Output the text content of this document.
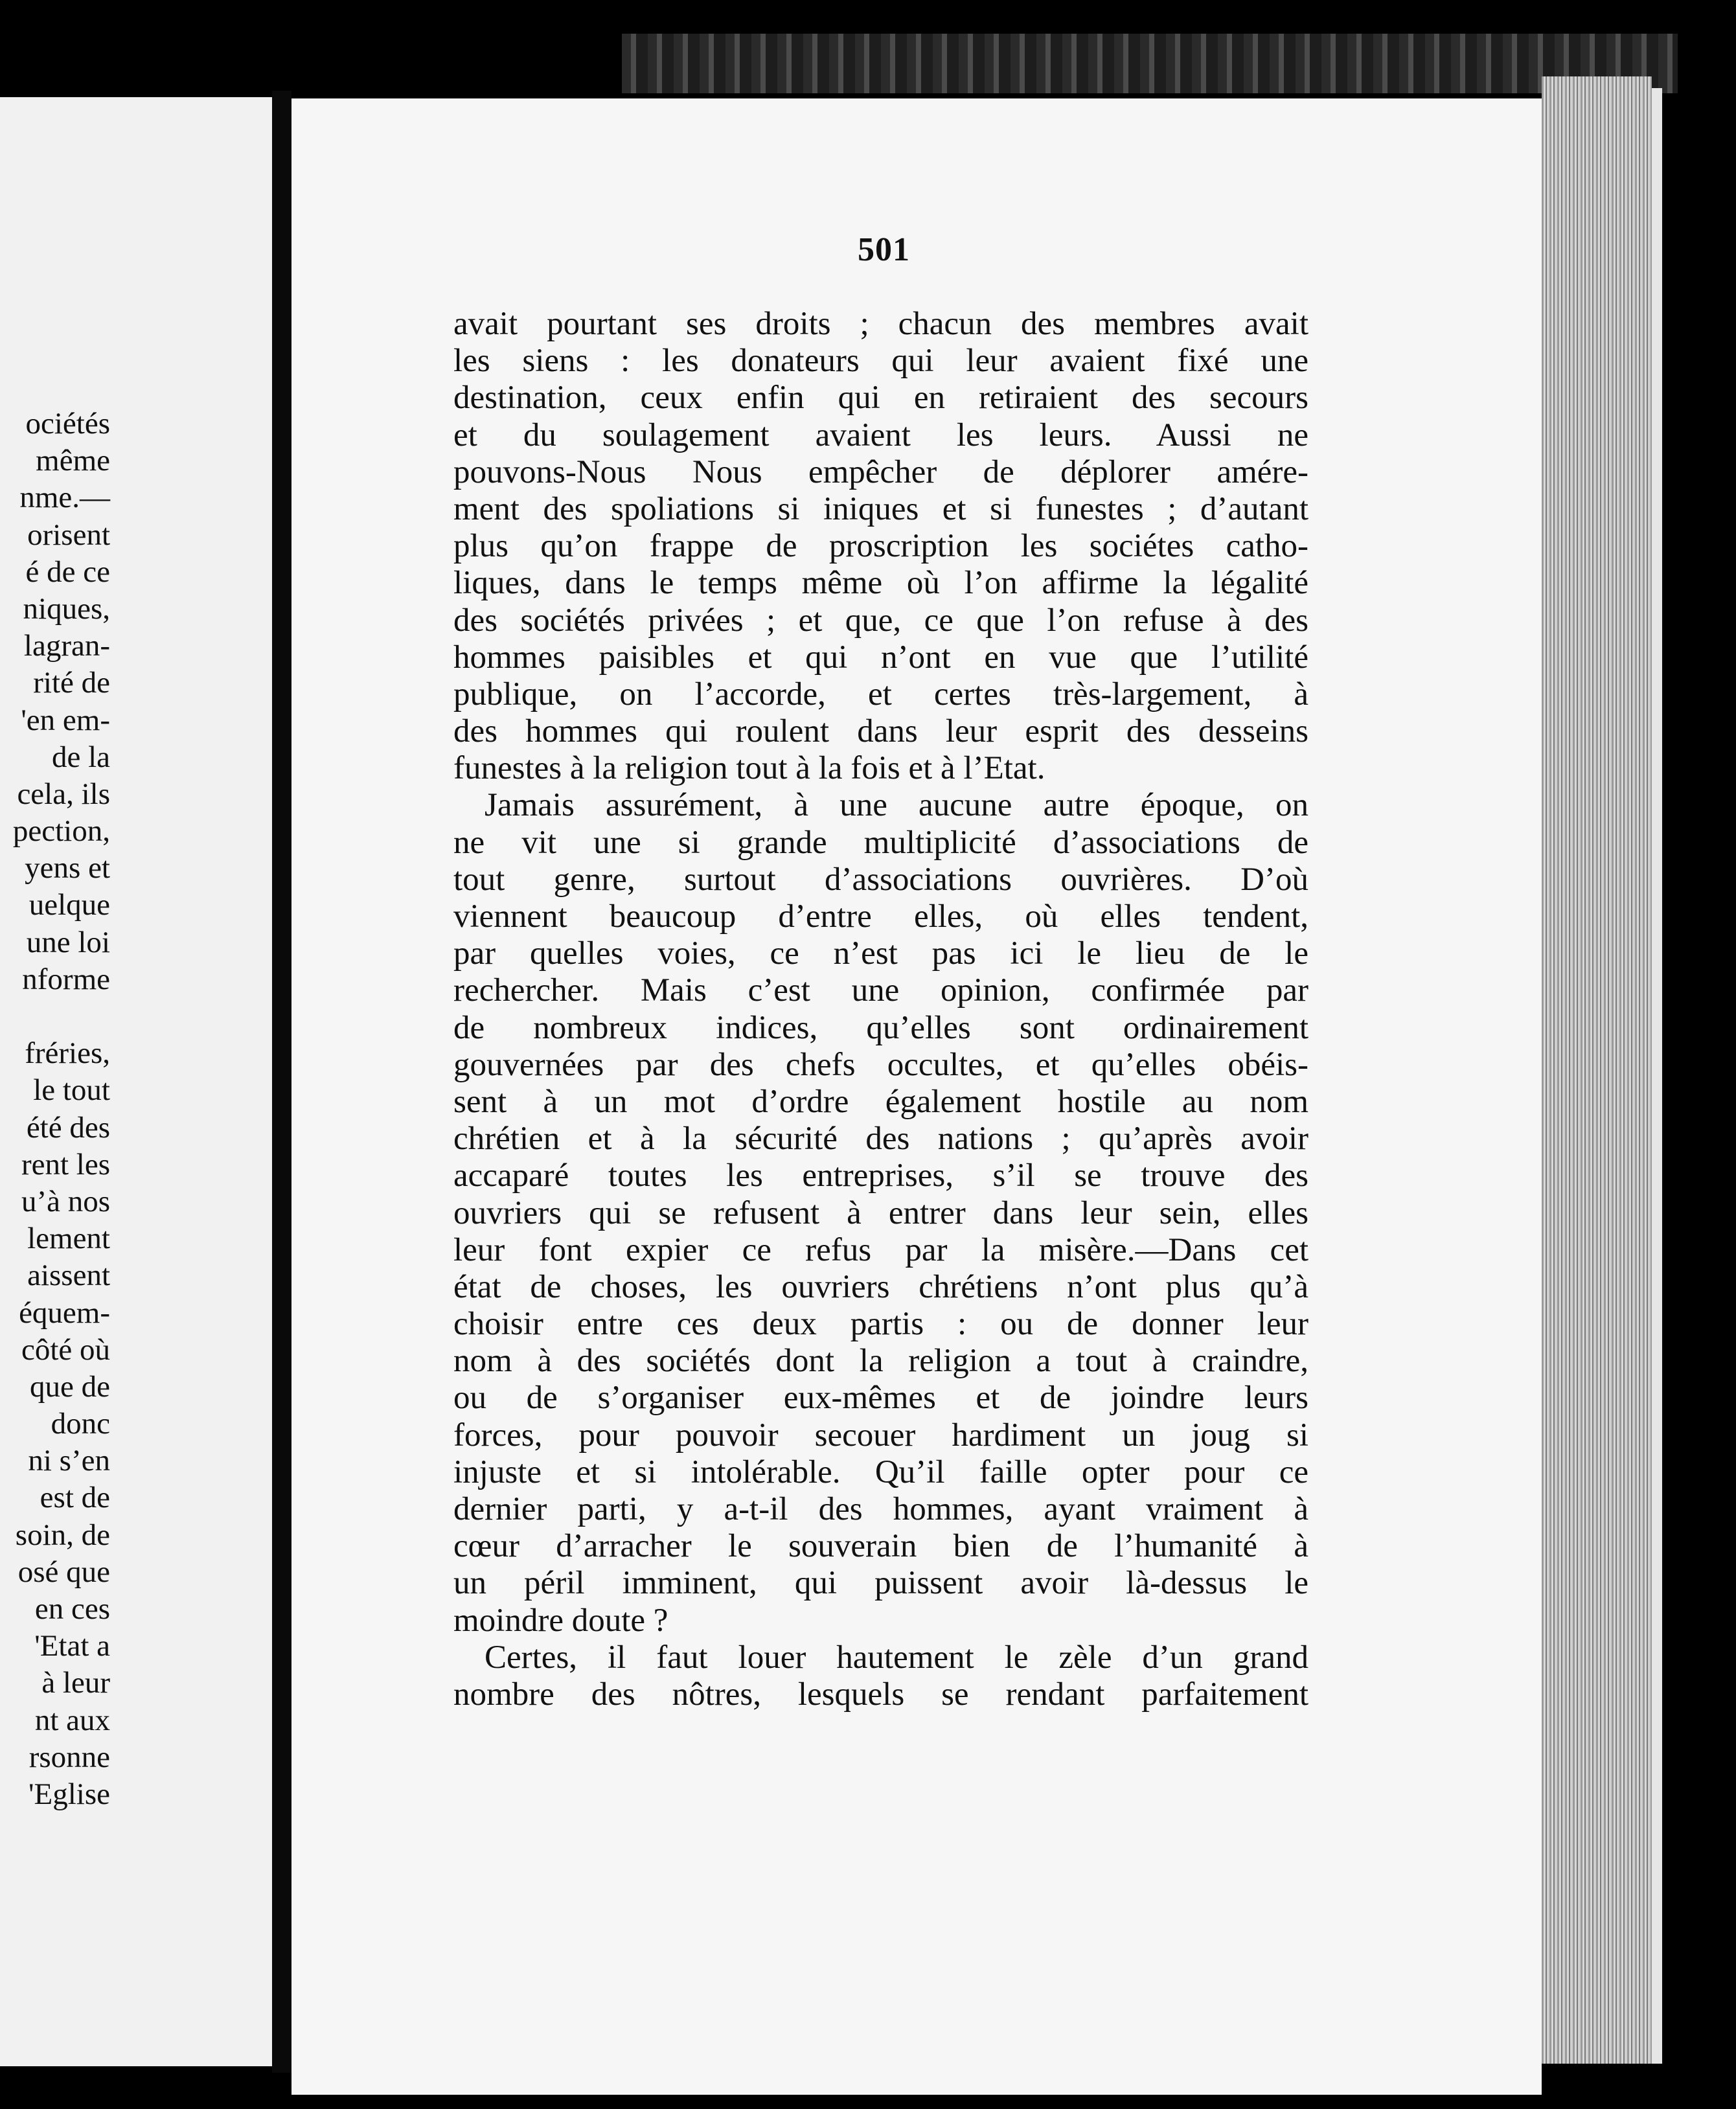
ociétés
même
nme.—
orisent
é de ce
niques,
lagran-
rité de
'en em-
de la
cela, ils
pection,
yens et
uelque
une loi
nforme
fréries,
le tout
été des
rent les
u’à nos
lement
aissent
équem-
côté où
que de
donc
ni s’en
est de
soin, de
osé que
en ces
'Etat a
à leur
nt aux
rsonne
'Eglise
501
avait pourtant ses droits ; chacun des membres avait
les siens : les donateurs qui leur avaient fixé une
destination, ceux enfin qui en retiraient des secours
et du soulagement avaient les leurs. Aussi ne
pouvons-Nous Nous empêcher de déplorer amére-
ment des spoliations si iniques et si funestes ; d’autant
plus qu’on frappe de proscription les sociétes catho-
liques, dans le temps même où l’on affirme la légalité
des sociétés privées ; et que, ce que l’on refuse à des
hommes paisibles et qui n’ont en vue que l’utilité
publique, on l’accorde, et certes très-largement, à
des hommes qui roulent dans leur esprit des desseins
funestes à la religion tout à la fois et à l’Etat.
Jamais assurément, à une aucune autre époque, on
ne vit une si grande multiplicité d’associations de
tout genre, surtout d’associations ouvrières. D’où
viennent beaucoup d’entre elles, où elles tendent,
par quelles voies, ce n’est pas ici le lieu de le
rechercher. Mais c’est une opinion, confirmée par
de nombreux indices, qu’elles sont ordinairement
gouvernées par des chefs occultes, et qu’elles obéis-
sent à un mot d’ordre également hostile au nom
chrétien et à la sécurité des nations ; qu’après avoir
accaparé toutes les entreprises, s’il se trouve des
ouvriers qui se refusent à entrer dans leur sein, elles
leur font expier ce refus par la misère.—Dans cet
état de choses, les ouvriers chrétiens n’ont plus qu’à
choisir entre ces deux partis : ou de donner leur
nom à des sociétés dont la religion a tout à craindre,
ou de s’organiser eux-mêmes et de joindre leurs
forces, pour pouvoir secouer hardiment un joug si
injuste et si intolérable. Qu’il faille opter pour ce
dernier parti, y a-t-il des hommes, ayant vraiment à
cœur d’arracher le souverain bien de l’humanité à
un péril imminent, qui puissent avoir là-dessus le
moindre doute ?
Certes, il faut louer hautement le zèle d’un grand
nombre des nôtres, lesquels se rendant parfaitement
